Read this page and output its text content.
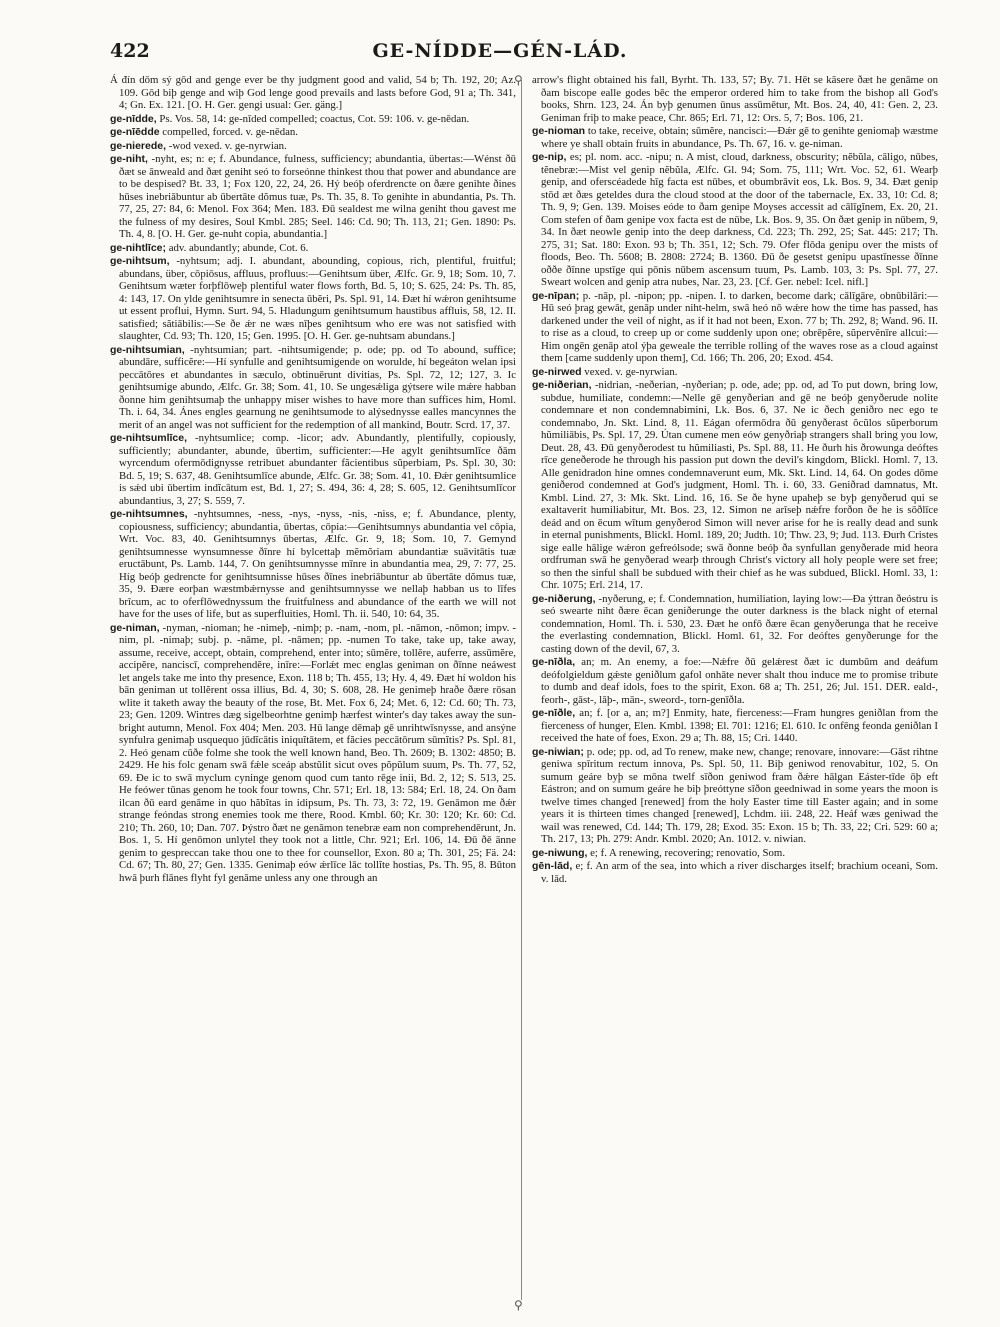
422	GE-NÍDDE—GÉN-LÁD.
⚲
⚲

Á đín dōm sý gōd and genge ever be thy judgment good and valid, 54 b; Th. 192, 20; Az. 109. Gōd biþ genge and wiþ God lenge good prevails and lasts before God, 91 a; Th. 341, 4; Gn. Ex. 121. [O. H. Ger. gengi usual: Ger. gäng.]

ge-nīdde, Ps. Vos. 58, 14: ge-nīded compelled; coactus, Cot. 59: 106. v. ge-nēdan.

ge-nīēdde compelled, forced. v. ge-nēdan.

ge-nierede, -wod vexed. v. ge-nyrwian.

ge-niht, -nyht, es; n: e; f. Abundance, fulness, sufficiency; abundantia, übertas:—Wénst ðū ðæt se ānweald and ðæt geniht seó to forseónne thinkest thou that power and abundance are to be despised? Bt. 33, 1; Fox 120, 22, 24, 26. Hý beóþ oferdrencte on ðære genihte ðines hūses inebriābuntur ab ūbertāte dŏmus tuæ, Ps. Th. 35, 8. To genihte in abundantia, Ps. Th. 77, 25, 27: 84, 6: Menol. Fox 364; Men. 183. Ðū sealdest me wilna geniht thou gavest me the fulness of my desires, Soul Kmbl. 285; Seel. 146: Cd. 90; Th. 113, 21; Gen. 1890: Ps. Th. 4, 8. [O. H. Ger. ge-nuht copia, abundantia.]

ge-nihtlīce; adv. abundantly; abunde, Cot. 6.

ge-nihtsum, -nyhtsum; adj. I. abundant, abounding, copious, rich, plentiful, fruitful; abundans, über, cōpiōsus, affluus, profluus:—Genihtsum über, Ælfc. Gr. 9, 18; Som. 10, 7. Genihtsum wæter forþflōweþ plentiful water flows forth, Bd. 5, 10; S. 625, 24: Ps. Th. 85, 4: 143, 17. On ylde genihtsumre in senecta ūbĕri, Ps. Spl. 91, 14. Ðæt hí wǽron genihtsume ut essent proflui, Hymn. Surt. 94, 5. Hladungum genihtsumum haustibus affluis, 58, 12. II. satisfied; sătiābilis:—Se ðe ǽr ne wæs nīþes genihtsum who ere was not satisfied with slaughter, Cd. 93; Th. 120, 15; Gen. 1995. [O. H. Ger. ge-nuhtsam abundans.]

ge-nihtsumian, -nyhtsumian; part. -nihtsumigende; p. ode; pp. od To abound, suffice; abundāre, sufficĕre:—Hí synfulle and genihtsumigende on woruldе, hí begeáton welan ipsi peccātōres et abundantes in sæculo, obtinuērunt divitias, Ps. Spl. 72, 12; 127, 3. Ic genihtsumige abundo, Ælfc. Gr. 38; Som. 41, 10. Se ungesǽliga gýtsere wile mǽre habban ðonne him genihtsumaþ the unhappy miser wishes to have more than suffices him, Homl. Th. i. 64, 34. Ánes engles gearnung ne genihtsumode to alýsednysse ealles mancynnes the merit of an angel was not sufficient for the redemption of all mankind, Boutr. Scrd. 17, 37.

ge-nihtsumlīce, -nyhtsumlice; comp. -licor; adv. Abundantly, plentifully, copiously, sufficiently; abundanter, abunde, ūbertim, sufficienter:—He agylt genihtsumlīce ðām wyrcendum ofermōdignysse retribuet abundanter făcientibus sŭperbiam, Ps. Spl. 30, 30: Bd. 5, 19; S. 637, 48. Genihtsumlīce abunde, Ælfc. Gr. 38; Som. 41, 10. Ðǽr genihtsumlice is sǽd ubi ūbertim indĭcātum est, Bd. 1, 27; S. 494, 36: 4, 28; S. 605, 12. Genihtsumlīcor abundantius, 3, 27; S. 559, 7.

ge-nihtsumnes, -nyhtsumnes, -ness, -nys, -nyss, -nis, -niss, e; f. Abundance, plenty, copiousness, sufficiency; abundantia, ūbertas, cōpia:—Genihtsumnys abundantia vel cōpia, Wrt. Voc. 83, 40. Genihtsumnys ūbertas, Ælfc. Gr. 9, 18; Som. 10, 7. Gemynd genihtsumnesse wynsumnesse ðīnre hí bylcettaþ mĕmŏriam abundantiæ suāvitātis tuæ eructābunt, Ps. Lamb. 144, 7. On genihtsumnysse mīnre in abundantia mea, 29, 7: 77, 25. Híg beóþ gedrencte for genihtsumnisse hūses ðīnes inebriābuntur ab ūbertāte dŏmus tuæ, 35, 9. Ðære eorþan wæstmbǽrnysse and genihtsumnysse we nellaþ habban us to līfes brīcum, ac to oferflōwednyssum the fruitfulness and abundance of the earth we will not have for the uses of life, but as superfluities, Homl. Th. ii. 540, 10: 64, 35.

ge-niman, -nyman, -nioman; he -nimeþ, -nimþ; p. -nam, -nom, pl. -nāmon, -nōmon; impv. -nim, pl. -nimaþ; subj. p. -nāme, pl. -nāmen; pp. -numen To take, take up, take away, assume, receive, accept, obtain, comprehend, enter into; sūmĕre, tollĕre, auferre, assūmĕre, accipĕre, nanciscī, comprehendĕre, inīre:—Forlǽt mec englas geniman on ðīnne neáwest let angels take me into thy presence, Exon. 118 b; Th. 455, 13; Hy. 4, 49. Ðæt hí woldon his bān geniman ut tollĕrent ossa illius, Bd. 4, 30; S. 608, 28. He genimeþ hraðe ðære rōsan wlite it taketh away the beauty of the rose, Bt. Met. Fox 6, 24; Met. 6, 12: Cd. 60; Th. 73, 23; Gen. 1209. Wintres dæg sigelbeorhtne genimþ hærfest winter's day takes away the sun-bright autumn, Menol. Fox 404; Men. 203. Hū lange dēmaþ gē unrihtwīsnysse, and ansýne synfulra genimaþ usquequo jūdĭcātis iniquĭtātem, et făcies peccātōrum sūmĭtis? Ps. Spl. 81, 2. Heó genam cūðe folme she took the well known hand, Beo. Th. 2609; B. 1302: 4850; B. 2429. He his folc genam swā fǽle sceáp abstŭlit sicut oves pŏpŭlum suum, Ps. Th. 77, 52, 69. Ðe ic to swā myclum cyninge genom quod cum tanto rēge inii, Bd. 2, 12; S. 513, 25. He feówer tūnas genom he took four towns, Chr. 571; Erl. 18, 13: 584; Erl. 18, 24. On ðam ilcan ðū eard genāme in quo hăbĭtas in idipsum, Ps. Th. 73, 3: 72, 19. Genāmon me ðǽr strange feóndas strong enemies took me there, Rood. Kmbl. 60; Kr. 30: 120; Kr. 60: Cd. 210; Th. 260, 10; Dan. 707. Þýstro ðæt ne genāmon tenebræ eam non comprehendērunt, Jn. Bos. 1, 5. Hí genōmon unlytel they took not a little, Chr. 921; Erl. 106, 14. Ðū ðē ānne genim to gespreccan take thou one to thee for counsellor, Exon. 80 a; Th. 301, 25; Fä. 24: Cd. 67; Th. 80, 27; Gen. 1335. Genimaþ eów ǽrlīce lāc tollĭte hostias, Ps. Th. 95, 8. Būton hwā þurh flānes flyht fyl genāme unless any one through an

arrow's flight obtained his fall, Byrht. Th. 133, 57; By. 71. Hēt se kāsere ðæt he genāme on ðam biscope ealle godes bēc the emperor ordered him to take from the bishop all God's books, Shrn. 123, 24. Án byþ genumen ūnus assūmētur, Mt. Bos. 24, 40, 41: Gen. 2, 23. Geniman friþ to make peace, Chr. 865; Erl. 71, 12: Ors. 5, 7; Bos. 106, 21.

ge-nioman to take, receive, obtain; sūmĕre, nancisci:—Ðǽr gē to genihte geniomaþ wæstme where ye shall obtain fruits in abundance, Ps. Th. 67, 16. v. ge-niman.

ge-nip, es; pl. nom. acc. -nipu; n. A mist, cloud, darkness, obscurity; nĕbŭla, cāligo, nūbes, tĕnebræ:—Mist vel genip nĕbŭla, Ælfc. Gl. 94; Som. 75, 111; Wrt. Voc. 52, 61. Wearþ genip, and oferscéadede hīg facta est nūbes, et obumbrāvit eos, Lk. Bos. 9, 34. Ðæt genip stōd æt ðæs geteldes dura the cloud stood at the door of the tabernacle, Ex. 33, 10: Cd. 8; Th. 9, 9; Gen. 139. Moises eóde to ðam genipe Moyses accessit ad cālīgĭnem, Ex. 20, 21. Com stefen of ðam genipe vox facta est de nūbe, Lk. Bos. 9, 35. On ðæt genip in nūbem, 9, 34. In ðæt neowle genip into the deep darkness, Cd. 223; Th. 292, 25; Sat. 445: 217; Th. 275, 31; Sat. 180: Exon. 93 b; Th. 351, 12; Sch. 79. Ofer flōda genipu over the mists of floods, Beo. Th. 5608; B. 2808: 2724; B. 1360. Ðū ðe gesetst genipu upastīnesse ðīnne oððe ðīnne upstīge qui pōnis nūbem ascensum tuum, Ps. Lamb. 103, 3: Ps. Spl. 77, 27. Sweart wolcen and genip atra nubes, Nar. 23, 23. [Cf. Ger. nebel: Icel. nifl.]

ge-nīpan; p. -nāp, pl. -nipon; pp. -nipen. I. to darken, become dark; cālīgāre, obnūbilāri:—Hū seó þrag gewāt, genāp under niht-helm, swā heó nō wǽre how the time has passed, has darkened under the veil of night, as if it had not been, Exon. 77 b; Th. 292, 8; Wand. 96. II. to rise as a cloud, to creep up or come suddenly upon one; obrēpĕre, sŭpervĕnīre allcui:—Him ongēn genāp atol ýþa geweale the terrible rolling of the waves rose as a cloud against them [came suddenly upon them], Cd. 166; Th. 206, 20; Exod. 454.

ge-nirwed vexed. v. ge-nyrwian.

ge-niðerian, -nidrian, -neðerian, -nyðerian; p. ode, ade; pp. od, ad To put down, bring low, subdue, humiliate, condemn:—Nelle gē genyðerian and gē ne beóþ genyðerude nolite condemnare et non condemnabimini, Lk. Bos. 6, 37. Ne ic ðech geniðro nec ego te condemnabo, Jn. Skt. Lind. 8, 11. Eágan ofermōdra ðū genyðerast ŏcŭlos sŭperborum hŭmiliābis, Ps. Spl. 17, 29. Útan cumene men eów genyðriaþ strangers shall bring you low, Deut. 28, 43. Ðū genyðerodest tu hŭmiliasti, Ps. Spl. 88, 11. He ðurh his ðrowunga deóftes rīce geneðerode he through his passion put down the devil's kingdom, Blickl. Homl. 7, 13. Alle genidradon hine omnes condemnaverunt eum, Mk. Skt. Lind. 14, 64. On godes dōme geniðerod condemned at God's judgment, Homl. Th. i. 60, 33. Geniðrad damnatus, Mt. Kmbl. Lind. 27, 3: Mk. Skt. Lind. 16, 16. Se ðe hyne upaheþ se byþ genyðerud qui se exaltaverit humiliabitur, Mt. Bos. 23, 12. Simon ne arīseþ nǽfre forðon ðe he is sōðlīce deád and on ēcum wītum genyðerod Simon will never arise for he is really dead and sunk in eternal punishments, Blickl. Homl. 189, 20; Judth. 10; Thw. 23, 9; Jud. 113. Ðurh Cristes sige ealle hālige wǽron gefreólsode; swā ðonne beóþ ða synfullan genyðerade mid heora ordfruman swā he genyðerad wearþ through Christ's victory all holy people were set free; so then the sinful shall be subdued with their chief as he was subdued, Blickl. Homl. 33, 1: Chr. 1075; Erl. 214, 17.

ge-niðerung, -nyðerung, e; f. Condemnation, humiliation, laying low:—Ða ýttran ðeóstru is seó swearte niht ðære ēcan geniðerunge the outer darkness is the black night of eternal condemnation, Homl. Th. i. 530, 23. Ðæt he onfō ðære ēcan genyðerunga that he receive the everlasting condemnation, Blickl. Homl. 61, 32. For deóftes genyðerunge for the casting down of the devil, 67, 3.

ge-nīðla, an; m. An enemy, a foe:—Nǽfre ðū gelǽrest ðæt ic dumbūm and deáfum deófolgieldum gǽste geniðlum gafol onhāte never shalt thou induce me to promise tribute to dumb and deaf idols, foes to the spirit, Exon. 68 a; Th. 251, 26; Jul. 151. DER. eald-, feorh-, gāst-, lāþ-, mān-, sweord-, torn-genīðla.

ge-nīðle, an; f. [or a, an; m?] Enmity, hate, fierceness:—Fram hungres geniðlan from the fierceness of hunger, Elen. Kmbl. 1398; El. 701: 1216; El. 610. Ic onfēng feonda geniðlan I received the hate of foes, Exon. 29 a; Th. 88, 15; Cri. 1440.

ge-niwian; p. ode; pp. od, ad To renew, make new, change; renovare, innovare:—Gāst rihtne geniwa spīritum rectum innova, Ps. Spl. 50, 11. Biþ geniwod renovabitur, 102, 5. On sumum geáre byþ se mōna twelf sīðon geniwod fram ðǽre hālgan Eáster-tīde ōþ eft Eástron; and on sumum geáre he biþ þreóttyne sīðon geedniwad in some years the moon is twelve times changed [renewed] from the holy Easter time till Easter again; and in some years it is thirteen times changed [renewed], Lchdm. iii. 248, 22. Heáf wæs geniwad the wail was renewed, Cd. 144; Th. 179, 28; Exod. 35: Exon. 15 b; Th. 33, 22; Cri. 529: 60 a; Th. 217, 13; Ph. 279: Andr. Kmbl. 2020; An. 1012. v. niwian.

ge-niwung, e; f. A renewing, recovering; renovatio, Som.

gēn-lād, e; f. An arm of the sea, into which a river discharges itself; brachium oceani, Som. v. lād.
